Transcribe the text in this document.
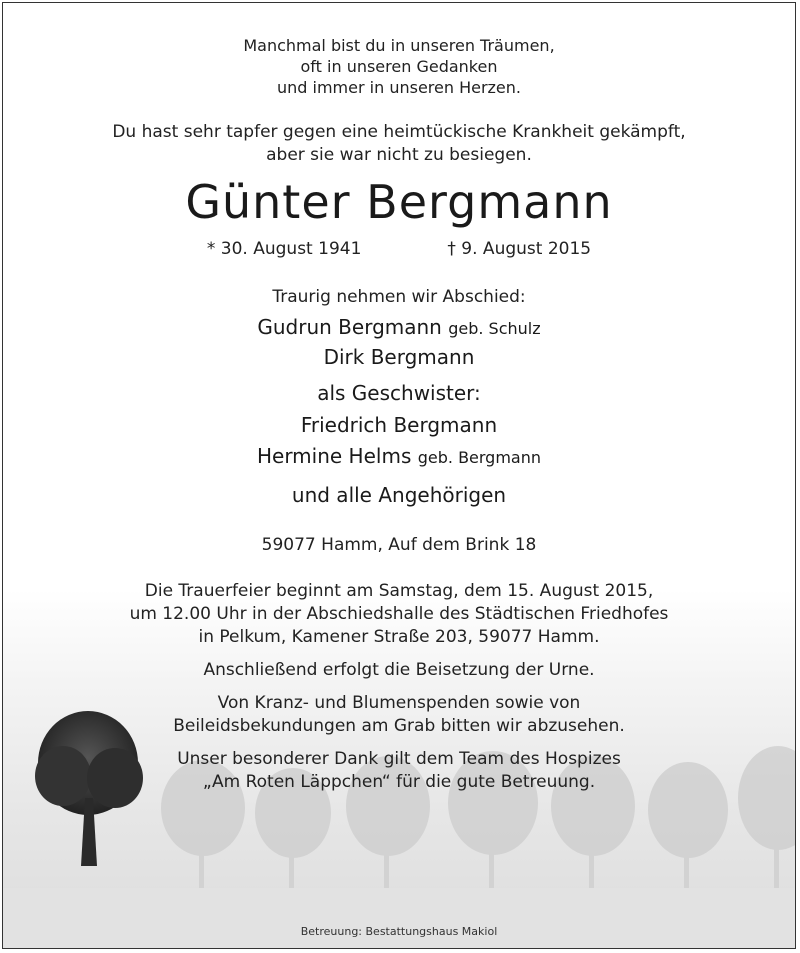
Manchmal bist du in unseren Träumen,
oft in unseren Gedanken
und immer in unseren Herzen.
Du hast sehr tapfer gegen eine heimtückische Krankheit gekämpft,
aber sie war nicht zu besiegen.
Günter Bergmann
* 30. August 1941	† 9. August 2015
Traurig nehmen wir Abschied:
Gudrun Bergmann geb. Schulz
Dirk Bergmann
als Geschwister:
Friedrich Bergmann
Hermine Helms geb. Bergmann
und alle Angehörigen
59077 Hamm, Auf dem Brink 18
Die Trauerfeier beginnt am Samstag, dem 15. August 2015,
um 12.00 Uhr in der Abschiedshalle des Städtischen Friedhofes
in Pelkum, Kamener Straße 203, 59077 Hamm.
Anschließend erfolgt die Beisetzung der Urne.
Von Kranz- und Blumenspenden sowie von
Beileidsbekundungen am Grab bitten wir abzusehen.
Unser besonderer Dank gilt dem Team des Hospizes
„Am Roten Läppchen“ für die gute Betreuung.
Betreuung: Bestattungshaus Makiol
